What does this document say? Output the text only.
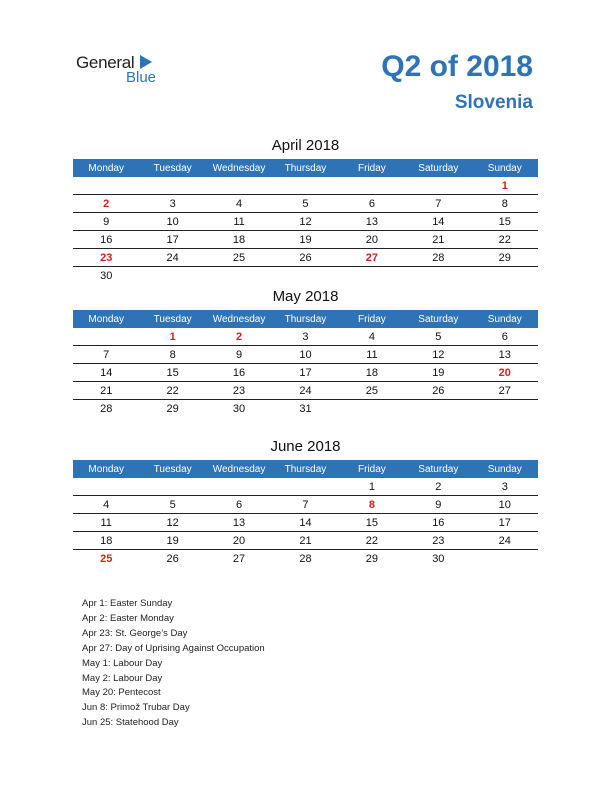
General
Blue	Q2 of 2018
Slovenia
April 2018
Monday	Tuesday	Wednesday	Thursday	Friday	Saturday	Sunday
						1
2	3	4	5	6	7	8
9	10	11	12	13	14	15
16	17	18	19	20	21	22
23	24	25	26	27	28	29
30						
May 2018
Monday	Tuesday	Wednesday	Thursday	Friday	Saturday	Sunday
	1	2	3	4	5	6
7	8	9	10	11	12	13
14	15	16	17	18	19	20
21	22	23	24	25	26	27
28	29	30	31			
June 2018
Monday	Tuesday	Wednesday	Thursday	Friday	Saturday	Sunday
				1	2	3
4	5	6	7	8	9	10
11	12	13	14	15	16	17
18	19	20	21	22	23	24
25	26	27	28	29	30	
Apr 1: Easter Sunday
Apr 2: Easter Monday
Apr 23: St. George’s Day
Apr 27: Day of Uprising Against Occupation
May 1: Labour Day
May 2: Labour Day
May 20: Pentecost
Jun 8: Primož Trubar Day
Jun 25: Statehood Day
